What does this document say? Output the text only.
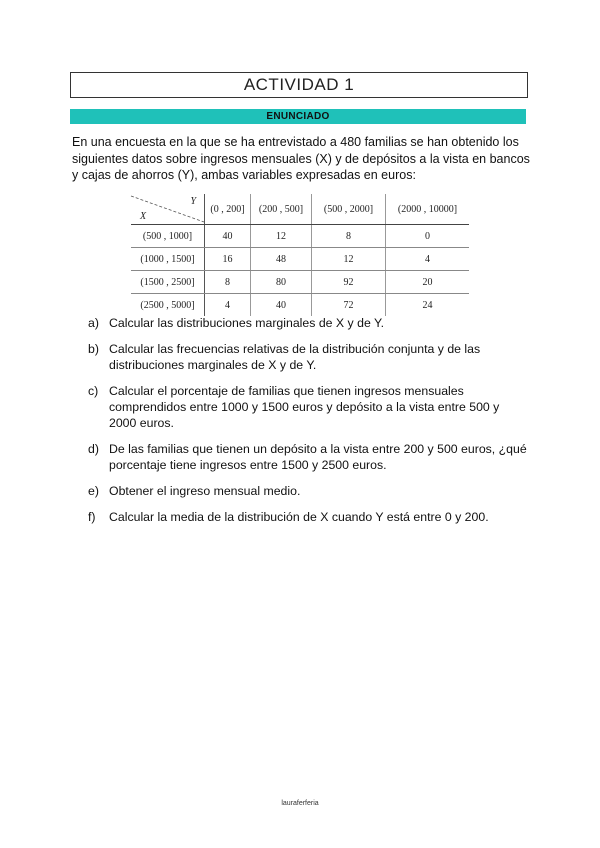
ACTIVIDAD 1
ENUNCIADO
En una encuesta en la que se ha entrevistado a 480 familias se han obtenido los siguientes datos sobre ingresos mensuales (X) y de depósitos a la vista en bancos y cajas de ahorros (Y), ambas variables expresadas en euros:
Y
X	(0 , 200]	(200 , 500]	(500 , 2000]	(2000 , 10000]
(500 , 1000]	40	12	8	0
(1000 , 1500]	16	48	12	4
(1500 , 2500]	8	80	92	20
(2500 , 5000]	4	40	72	24
a) Calcular las distribuciones marginales de X y de Y.
b) Calcular las frecuencias relativas de la distribución conjunta y de las distribuciones marginales de X y de Y.
c) Calcular el porcentaje de familias que tienen ingresos mensuales comprendidos entre 1000 y 1500 euros y depósito a la vista entre 500 y 2000 euros.
d) De las familias que tienen un depósito a la vista entre 200 y 500 euros, ¿qué porcentaje tiene ingresos entre 1500 y 2500 euros.
e) Obtener el ingreso mensual medio.
f)	Calcular la media de la distribución de X cuando Y está entre 0 y 200.
lauraferferia
